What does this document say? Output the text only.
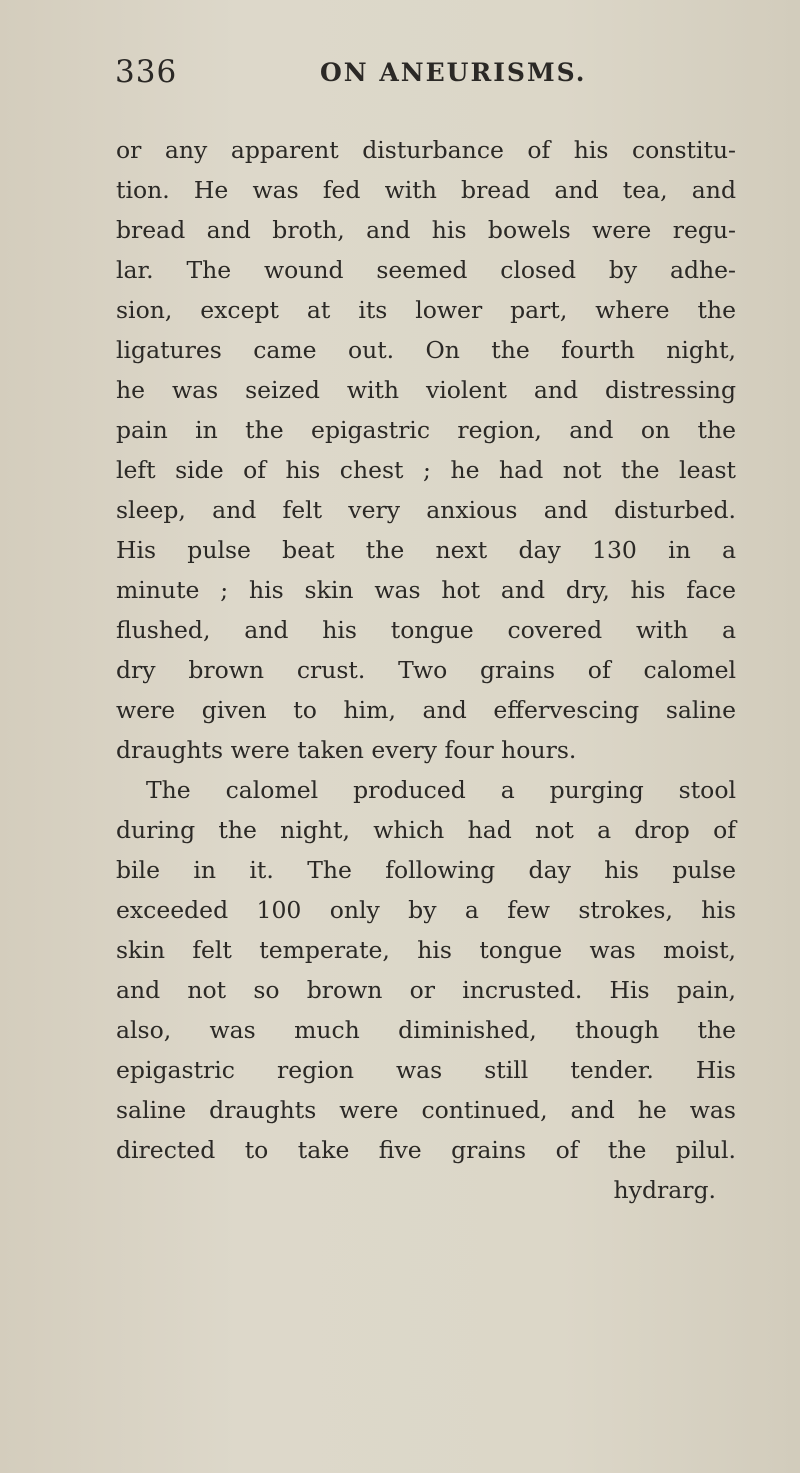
336	ON ANEURISMS.
or any apparent disturbance of his constitu-
tion. He was fed with bread and tea, and
bread and broth, and his bowels were regu-
lar. The wound seemed closed by adhe-
sion, except at its lower part, where the
ligatures came out. On the fourth night,
he was seized with violent and distressing
pain in the epigastric region, and on the
left side of his chest ; he had not the least
sleep, and felt very anxious and disturbed.
His pulse beat the next day 130 in a
minute ; his skin was hot and dry, his face
flushed, and his tongue covered with a
dry brown crust. Two grains of calomel
were given to him, and effervescing saline
draughts were taken every four hours.
The calomel produced a purging stool
during the night, which had not a drop of
bile in it. The following day his pulse
exceeded 100 only by a few strokes, his
skin felt temperate, his tongue was moist,
and not so brown or incrusted. His pain,
also, was much diminished, though the
epigastric region was still tender. His
saline draughts were continued, and he was
directed to take five grains of the pilul.
hydrarg.
